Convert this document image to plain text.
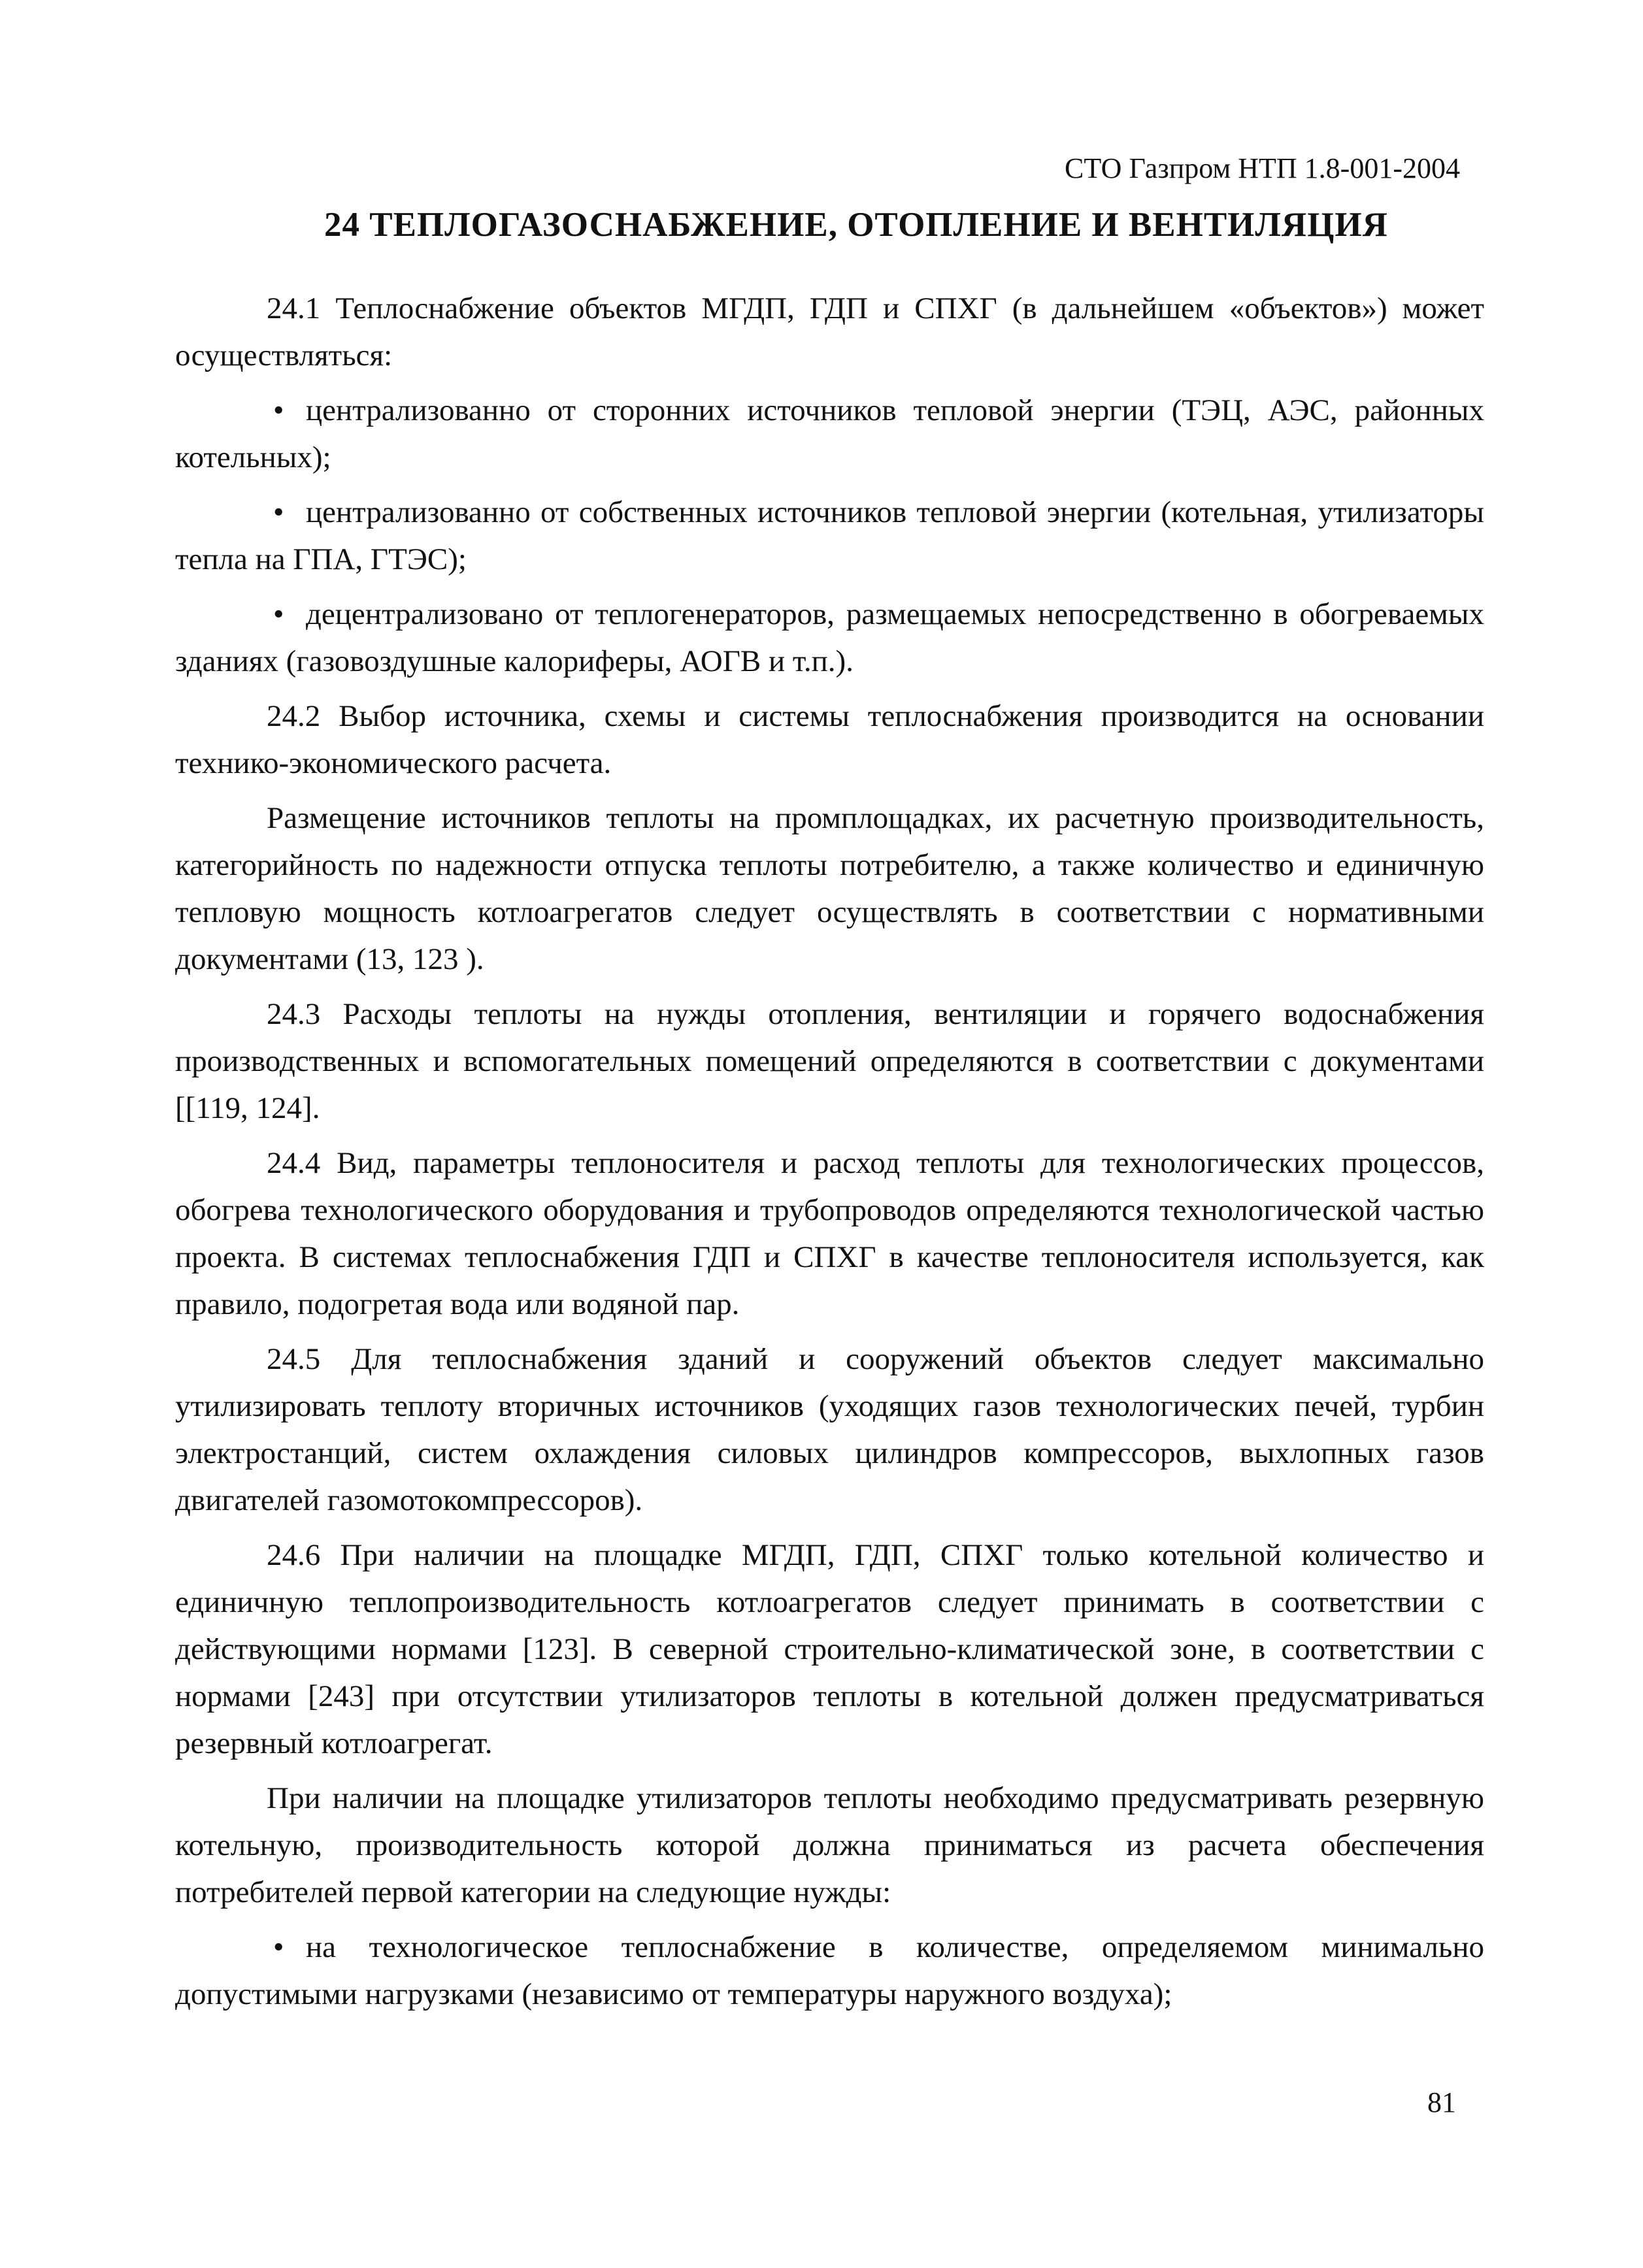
СТО Газпром НТП 1.8-001-2004
24 ТЕПЛОГАЗОСНАБЖЕНИЕ, ОТОПЛЕНИЕ И ВЕНТИЛЯЦИЯ

24.1 Теплоснабжение объектов МГДП, ГДП и СПХГ (в дальнейшем «объектов») может осуществляться:

• централизованно от сторонних источников тепловой энергии (ТЭЦ, АЭС, районных котельных);
• централизованно от собственных источников тепловой энергии (котельная, утилизаторы тепла на ГПА, ГТЭС);
• децентрализовано от теплогенераторов, размещаемых непосредственно в обогреваемых зданиях (газовоздушные калориферы, АОГВ и т.п.).

24.2 Выбор источника, схемы и системы теплоснабжения производится на основании технико-экономического расчета.

Размещение источников теплоты на промплощадках, их расчетную производительность, категорийность по надежности отпуска теплоты потребителю, а также количество и единичную тепловую мощность котлоагрегатов следует осуществлять в соответствии с нормативными документами (13, 123 ).

24.3 Расходы теплоты на нужды отопления, вентиляции и горячего водоснабжения производственных и вспомогательных помещений определяются в соответствии с документами [[119, 124].

24.4 Вид, параметры теплоносителя и расход теплоты для технологических процессов, обогрева технологического оборудования и трубопроводов определяются технологической частью проекта. В системах теплоснабжения ГДП и СПХГ в качестве теплоносителя используется, как правило, подогретая вода или водяной пар.

24.5 Для теплоснабжения зданий и сооружений объектов следует максимально утилизировать теплоту вторичных источников (уходящих газов технологических печей, турбин электростанций, систем охлаждения силовых цилиндров компрессоров, выхлопных газов двигателей газомотокомпрессоров).

24.6 При наличии на площадке МГДП, ГДП, СПХГ только котельной количество и единичную теплопроизводительность котлоагрегатов следует принимать в соответствии с действующими нормами [123]. В северной строительно-климатической зоне, в соответствии с нормами [243] при отсутствии утилизаторов теплоты в котельной должен предусматриваться резервный котлоагрегат.

При наличии на площадке утилизаторов теплоты необходимо предусматривать резервную котельную, производительность которой должна приниматься из расчета обеспечения потребителей первой категории на следующие нужды:

• на технологическое теплоснабжение в количестве, определяемом минимально допустимыми нагрузками (независимо от температуры наружного воздуха);
81
